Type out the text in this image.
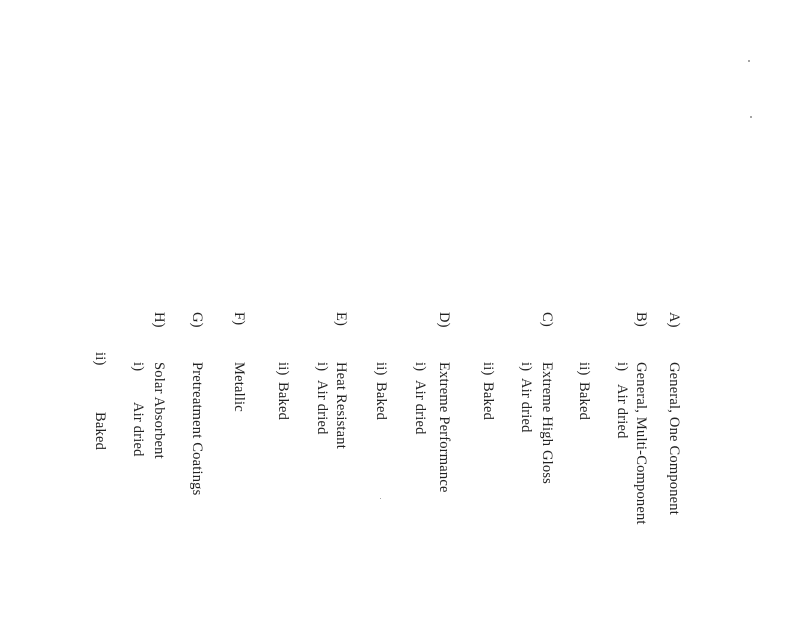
A)
General, One Component
B)
General, Multi-Component
i)
Air dried
ii)
Baked
C)
Extreme High Gloss
i)
Air dried
ii)
Baked
D)
Extreme Performance
i)
Air dried
ii)
Baked
E)
Heat Resistant
i)
Air dried
ii)
Baked
F)
Metallic
G)
Pretreatment Coatings
H)
Solar Absorbent
i)
Air dried
ii)
Baked
